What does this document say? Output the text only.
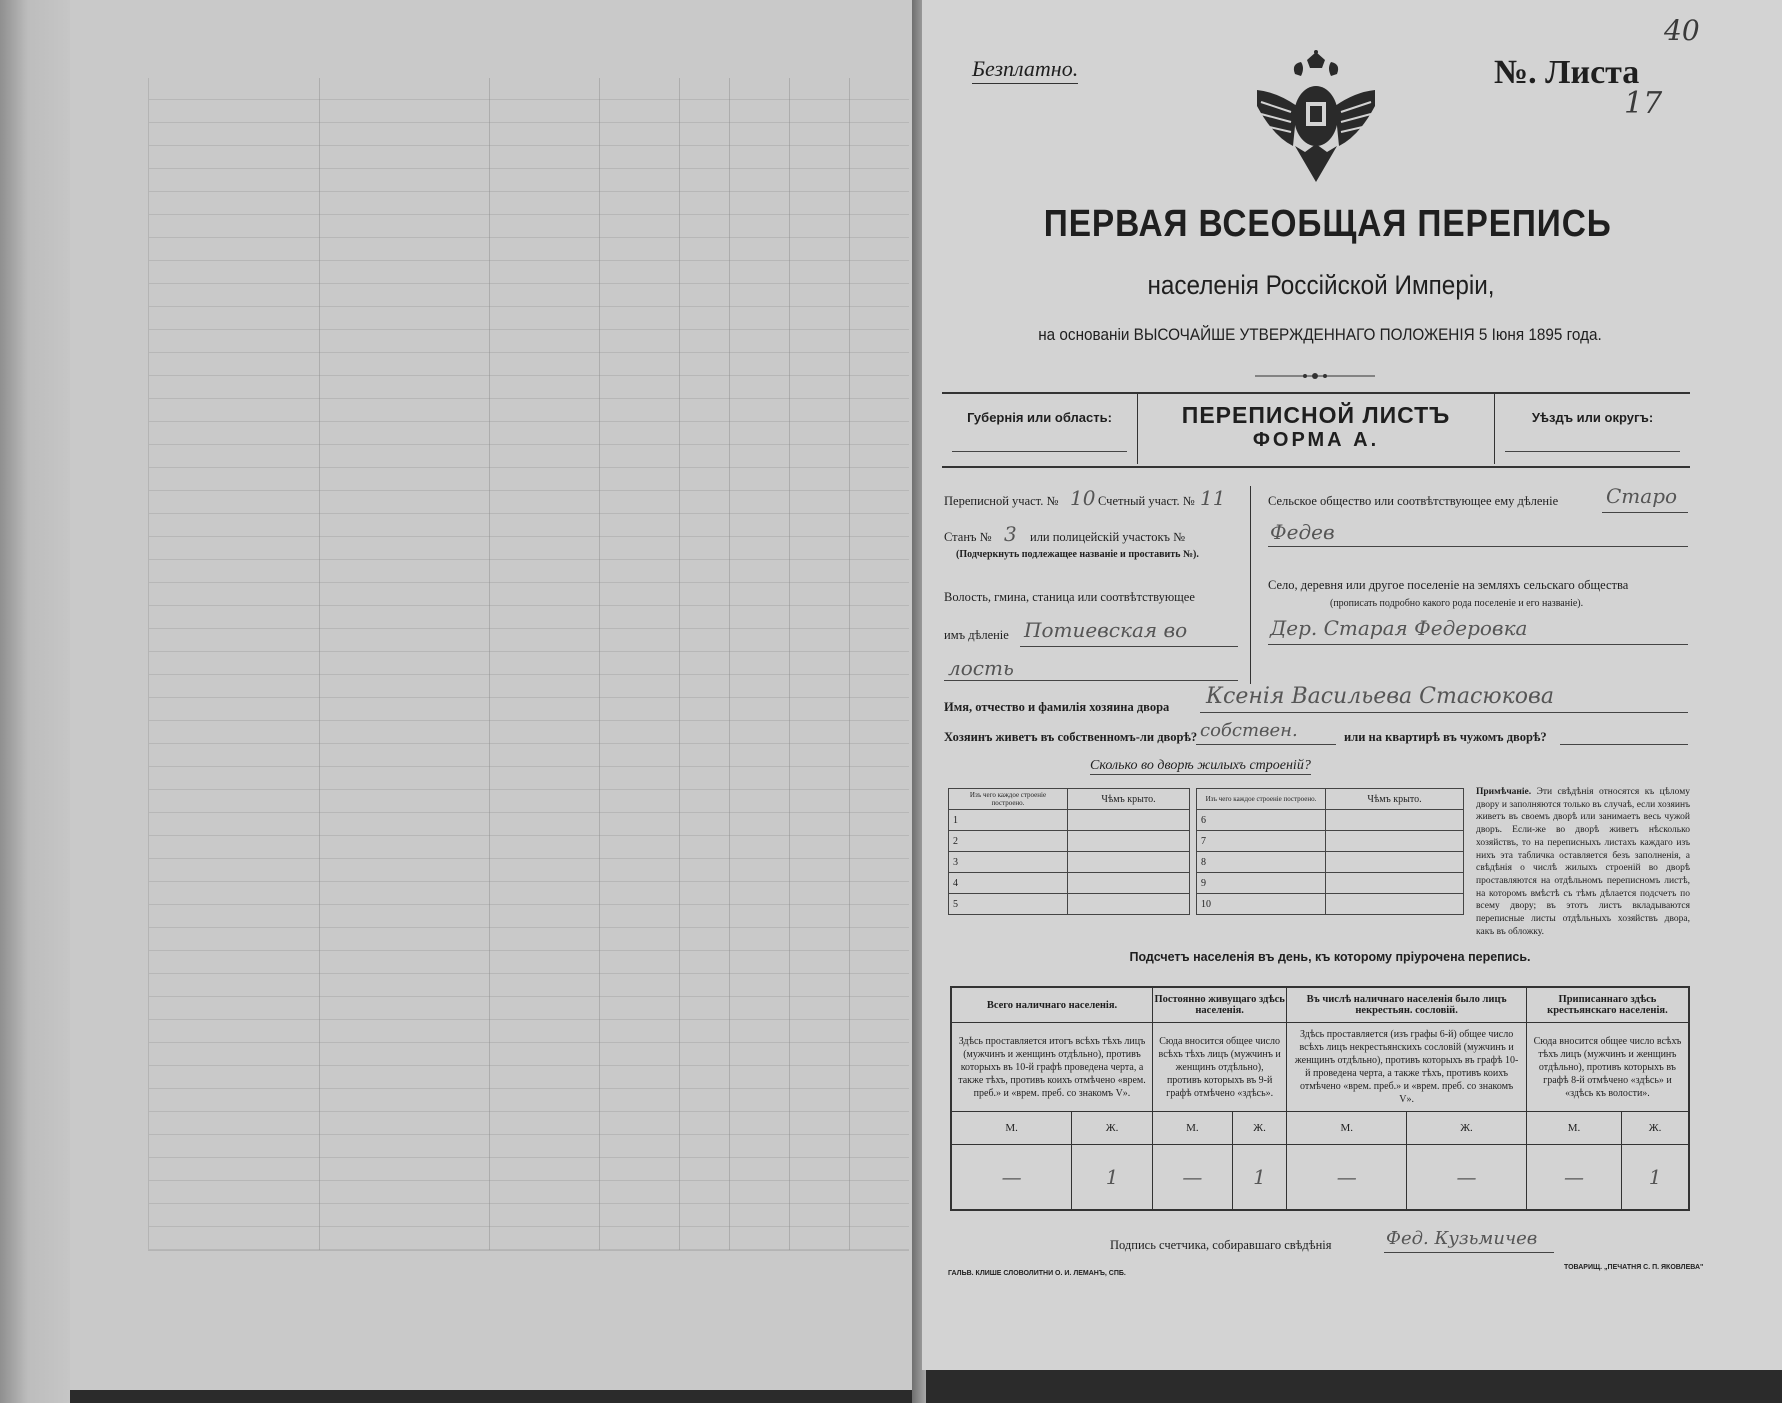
Безплатно.	№. Листа
17
40
ПЕРВАЯ ВСЕОБЩАЯ ПЕРЕПИСЬ
населенія Россійской Имперіи,
на основаніи ВЫСОЧАЙШЕ УТВЕРЖДЕННАГО ПОЛОЖЕНІЯ 5 Іюня 1895 года.
Губернія или область:	ПЕРЕПИСНОЙ ЛИСТЪ
ФОРМА А.
Уѣздъ или округъ:
Переписной участ. № 10 Счетный участ. № 11
Станъ № 3 или полицейскій участокъ №
(Подчеркнуть подлежащее названіе и проставить №).
Волость, гмина, станица или соотвѣтствующее
имъ дѣленіе Потиевская во
лость
Сельское общество или соотвѣтствующее ему дѣленіе Старо
Федев
Село, деревня или другое поселеніе на земляхъ сельскаго общества
(прописать подробно какого рода поселеніе и его названіе).
Дер. Старая Федеровка
Имя, отчество и фамилія хозяина двора Ксенія Васильева Стасюкова
Хозяинъ живетъ въ собственномъ-ли дворѣ? собствен.	или на квартирѣ въ чужомъ дворѣ?
Сколько во дворѣ жилыхъ строеній?
Изъ чего каждое строеніе построено.	Чѣмъ крыто.
1	
2	
3	
4	
5	
Изъ чего каждое строеніе построено.	Чѣмъ крыто.
6	
7	
8	
9	
10	
Примѣчаніе. Эти свѣдѣнія относятся къ цѣлому двору и заполняются только въ случаѣ, если хозяинъ живетъ въ своемъ дворѣ или занимаетъ весь чужой дворъ. Если-же во дворѣ живетъ нѣсколько хозяйствъ, то на переписныхъ листахъ каждаго изъ нихъ эта табличка оставляется безъ заполненія, а свѣдѣнія о числѣ жилыхъ строеній во дворѣ проставляются на отдѣльномъ переписномъ листѣ, на которомъ вмѣстѣ съ тѣмъ дѣлается подсчетъ по всему двору; въ этотъ листъ вкладываются переписные листы отдѣльныхъ хозяйствъ двора, какъ въ обложку.
Подсчетъ населенія въ день, къ которому пріурочена перепись.
Всего наличнаго населенія.		Постоянно живущаго здѣсь населенія.		Въ числѣ наличнаго населенія было лицъ некрестьян. сословій.		Приписаннаго здѣсь крестьянскаго населенія.	
Здѣсь проставляется итогъ всѣхъ тѣхъ лицъ (мужчинъ и женщинъ отдѣльно), противъ которыхъ въ 10-й графѣ проведена черта, а также тѣхъ, противъ коихъ отмѣчено «врем. преб.» и «врем. преб. со знакомъ V».		Сюда вносится общее число всѣхъ тѣхъ лицъ (мужчинъ и женщинъ отдѣльно), противъ которыхъ въ 9-й графѣ отмѣчено «здѣсь».		Здѣсь проставляется (изъ графы 6-й) общее число всѣхъ лицъ некрестьянскихъ сословій (мужчинъ и женщинъ отдѣльно), противъ которыхъ въ графѣ 10-й проведена черта, а также тѣхъ, противъ коихъ отмѣчено «врем. преб.» и «врем. преб. со знакомъ V».		Сюда вносится общее число всѣхъ тѣхъ лицъ (мужчинъ и женщинъ отдѣльно), противъ которыхъ въ графѣ 8-й отмѣчено «здѣсь» и «здѣсь къ волости».	
М.	Ж.	М.	Ж.	М.	Ж.	М.	Ж.
—	1	—	1	—	—	—	1
Подпись счетчика, собиравшаго свѣдѣнія	Фед. Кузьмичев
ГАЛЬВ. КЛИШЕ СЛОВОЛИТНИ О. И. ЛЕМАНЪ, СПБ.
ТОВАРИЩ. „ПЕЧАТНЯ С. П. ЯКОВЛЕВА"
